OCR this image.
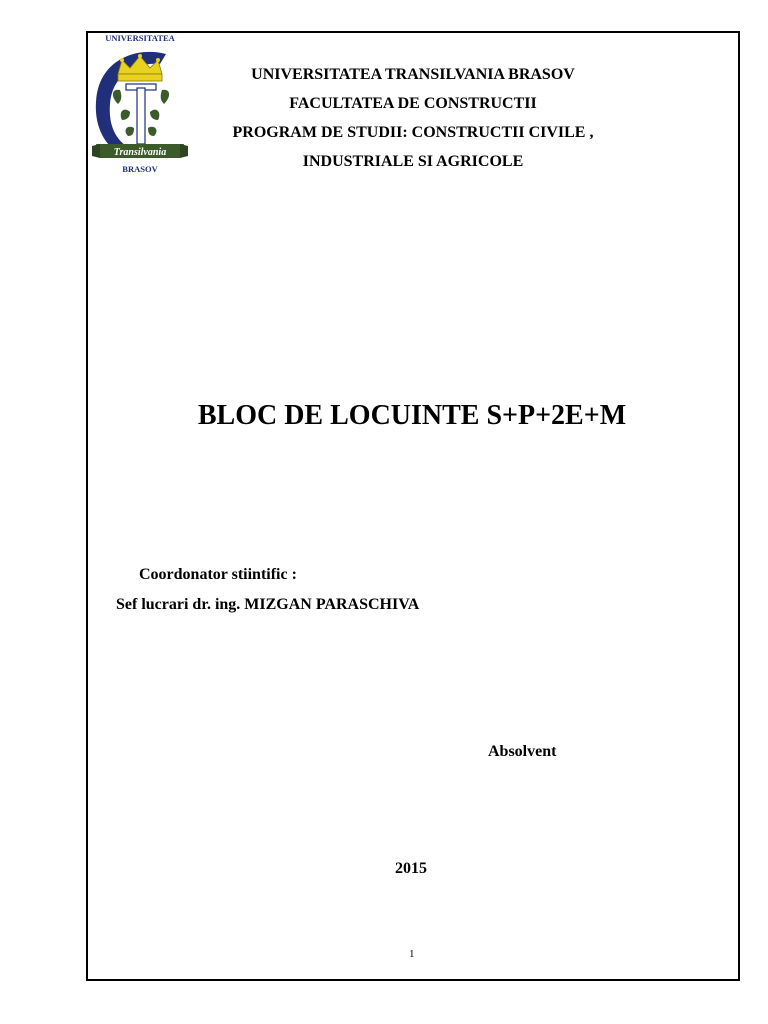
UNIVERSITATEA
Transilvania
BRASOV
UNIVERSITATEA TRANSILVANIA BRASOV
FACULTATEA DE CONSTRUCTII
PROGRAM DE STUDII: CONSTRUCTII CIVILE ,
INDUSTRIALE SI AGRICOLE
BLOC DE LOCUINTE S+P+2E+M
Coordonator stiintific :
Sef lucrari dr. ing. MIZGAN PARASCHIVA
Absolvent
2015
1
